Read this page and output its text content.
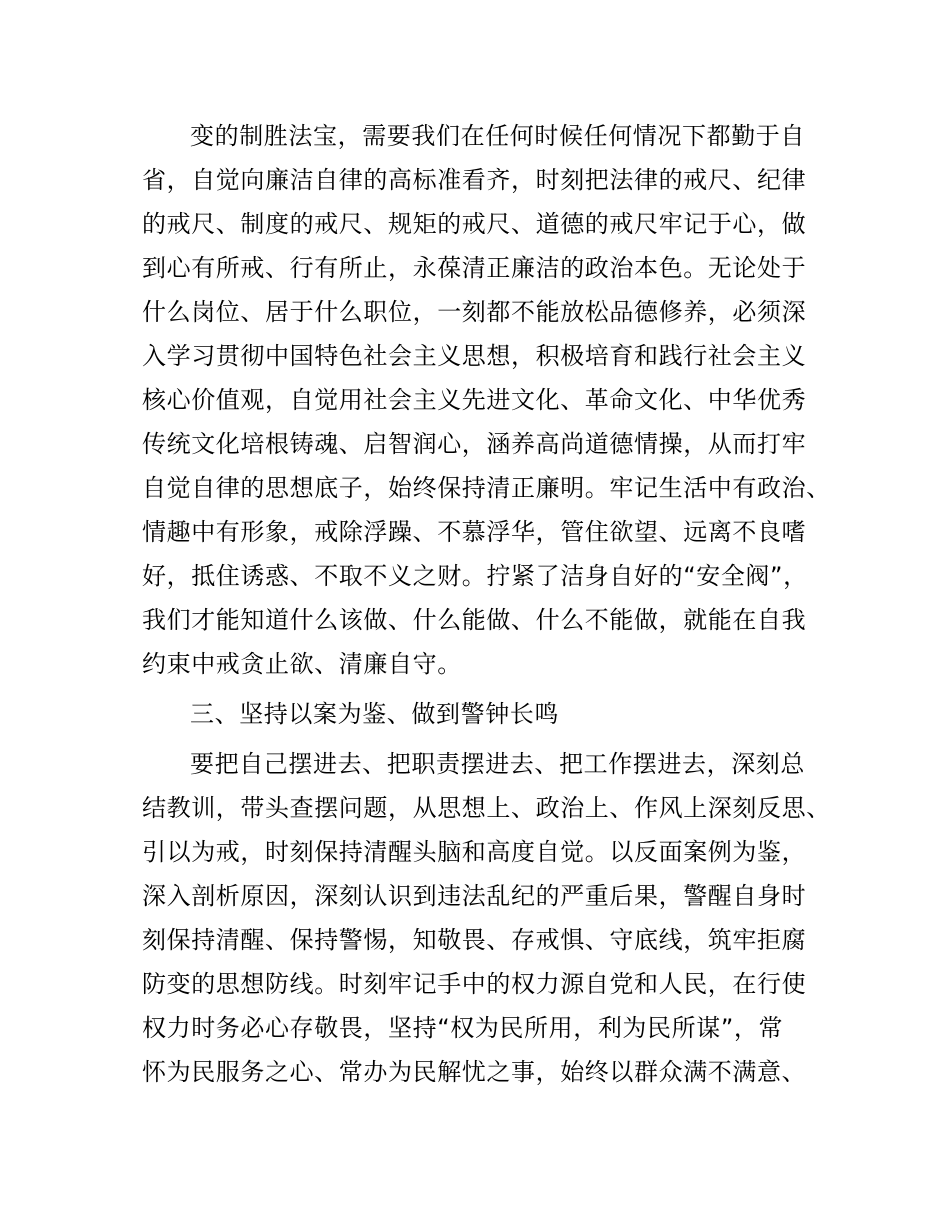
变的制胜法宝，需要我们在任何时候任何情况下都勤于自
省，自觉向廉洁自律的高标准看齐，时刻把法律的戒尺、纪律
的戒尺、制度的戒尺、规矩的戒尺、道德的戒尺牢记于心，做
到心有所戒、行有所止，永葆清正廉洁的政治本色。无论处于
什么岗位、居于什么职位，一刻都不能放松品德修养，必须深
入学习贯彻中国特色社会主义思想，积极培育和践行社会主义
核心价值观，自觉用社会主义先进文化、革命文化、中华优秀
传统文化培根铸魂、启智润心，涵养高尚道德情操，从而打牢
自觉自律的思想底子，始终保持清正廉明。牢记生活中有政治、
情趣中有形象，戒除浮躁、不慕浮华，管住欲望、远离不良嗜
好，抵住诱惑、不取不义之财。拧紧了洁身自好的“安全阀”，
我们才能知道什么该做、什么能做、什么不能做，就能在自我
约束中戒贪止欲、清廉自守。
三、坚持以案为鉴、做到警钟长鸣
要把自己摆进去、把职责摆进去、把工作摆进去，深刻总
结教训，带头查摆问题，从思想上、政治上、作风上深刻反思、
引以为戒，时刻保持清醒头脑和高度自觉。以反面案例为鉴，
深入剖析原因，深刻认识到违法乱纪的严重后果，警醒自身时
刻保持清醒、保持警惕，知敬畏、存戒惧、守底线，筑牢拒腐
防变的思想防线。时刻牢记手中的权力源自党和人民，在行使
权力时务必心存敬畏，坚持“权为民所用，利为民所谋”，常
怀为民服务之心、常办为民解忧之事，始终以群众满不满意、
